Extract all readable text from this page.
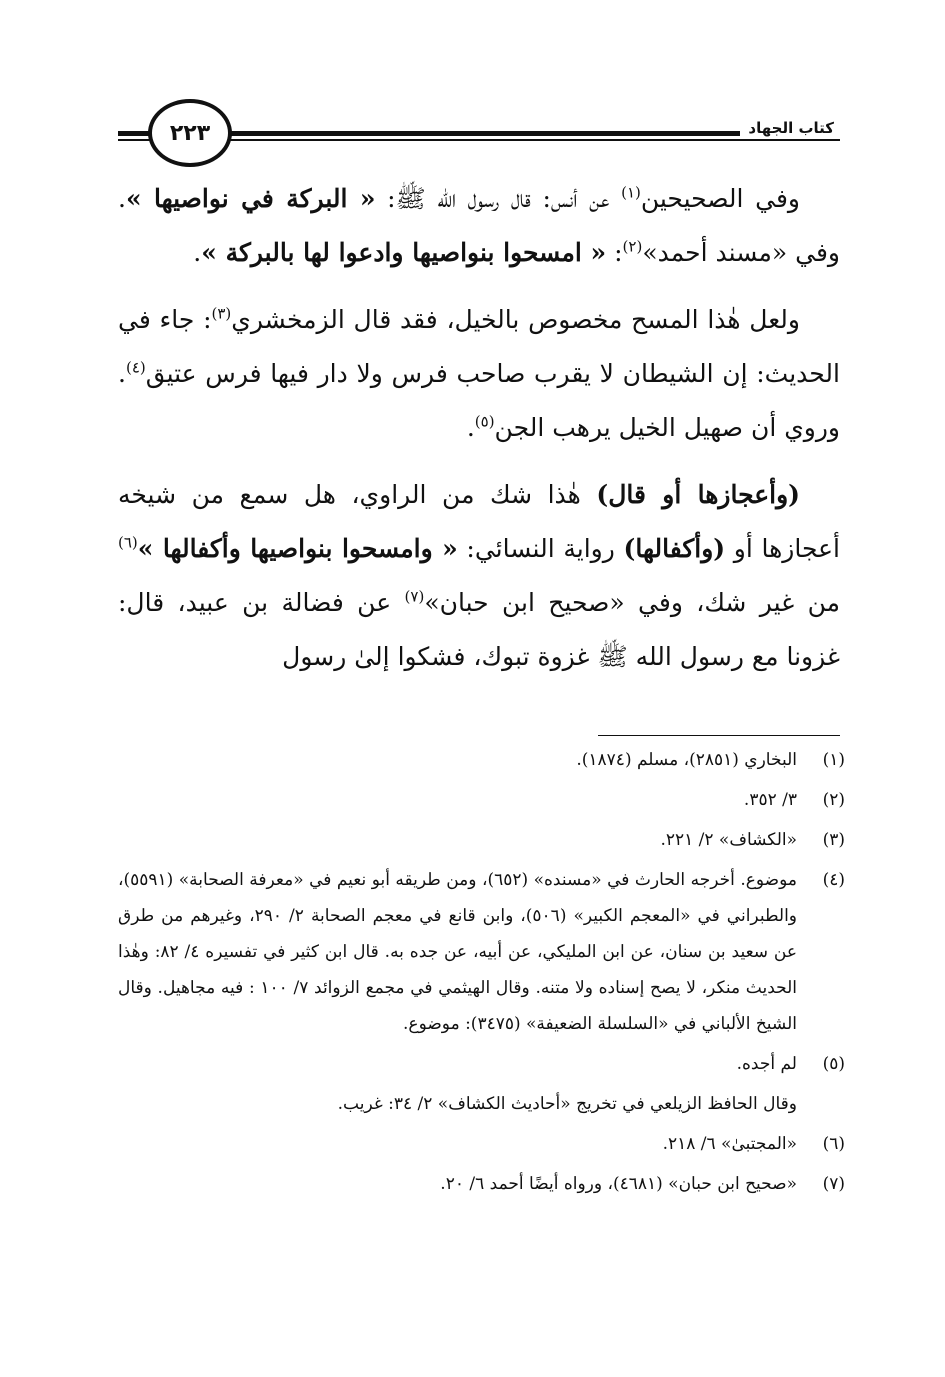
٢٢٣	كتاب الجهاد

وفي الصحيحين$^{(١)}$ عن أنس: قال رسول الله ﷺ: « البركة في نواصيها ». وفي «مسند أحمد»$^{(٢)}$: « امسحوا بنواصيها وادعوا لها بالبركة ».

ولعل هٰذا المسح مخصوص بالخيل، فقد قال الزمخشري$^{(٣)}$: جاء في الحديث: إن الشيطان لا يقرب صاحب فرس ولا دار فيها فرس عتيق$^{(٤)}$. وروي أن صهيل الخيل يرهب الجن$^{(٥)}$.

(وأعجازها أو قال) هٰذا شك من الراوي، هل سمع من شيخه أعجازها أو (وأكفالها) رواية النسائي: « وامسحوا بنواصيها وأكفالها »$^{(٦)}$ من غير شك، وفي «صحيح ابن حبان»$^{(٧)}$ عن فضالة بن عبيد، قال: غزونا مع رسول الله ﷺ غزوة تبوك، فشكوا إلىٰ رسول

(١)
البخاري (٢٨٥١)، مسلم (١٨٧٤).
(٢)
٣/ ٣٥٢.
(٣)
«الكشاف» ٢/ ٢٢١.
(٤)
موضوع. أخرجه الحارث في «مسنده» (٦٥٢)، ومن طريقه أبو نعيم في «معرفة الصحابة» (٥٥٩١)، والطبراني في «المعجم الكبير» (٥٠٦)، وابن قانع في معجم الصحابة ٢/ ٢٩٠، وغيرهم من طرق عن سعيد بن سنان، عن ابن المليكي، عن أبيه، عن جده به. قال ابن كثير في تفسيره ٤/ ٨٢: وهٰذا الحديث منكر، لا يصح إسناده ولا متنه. وقال الهيثمي في مجمع الزوائد ٧/ ١٠٠ : فيه مجاهيل. وقال الشيخ الألباني في «السلسلة الضعيفة» (٣٤٧٥): موضوع.
(٥)
لم أجده.
وقال الحافظ الزيلعي في تخريج «أحاديث الكشاف» ٢/ ٣٤: غريب.
(٦)
«المجتبىٰ» ٦/ ٢١٨.
(٧)
«صحيح ابن حبان» (٤٦٨١)، ورواه أيضًا أحمد ٦/ ٢٠.
